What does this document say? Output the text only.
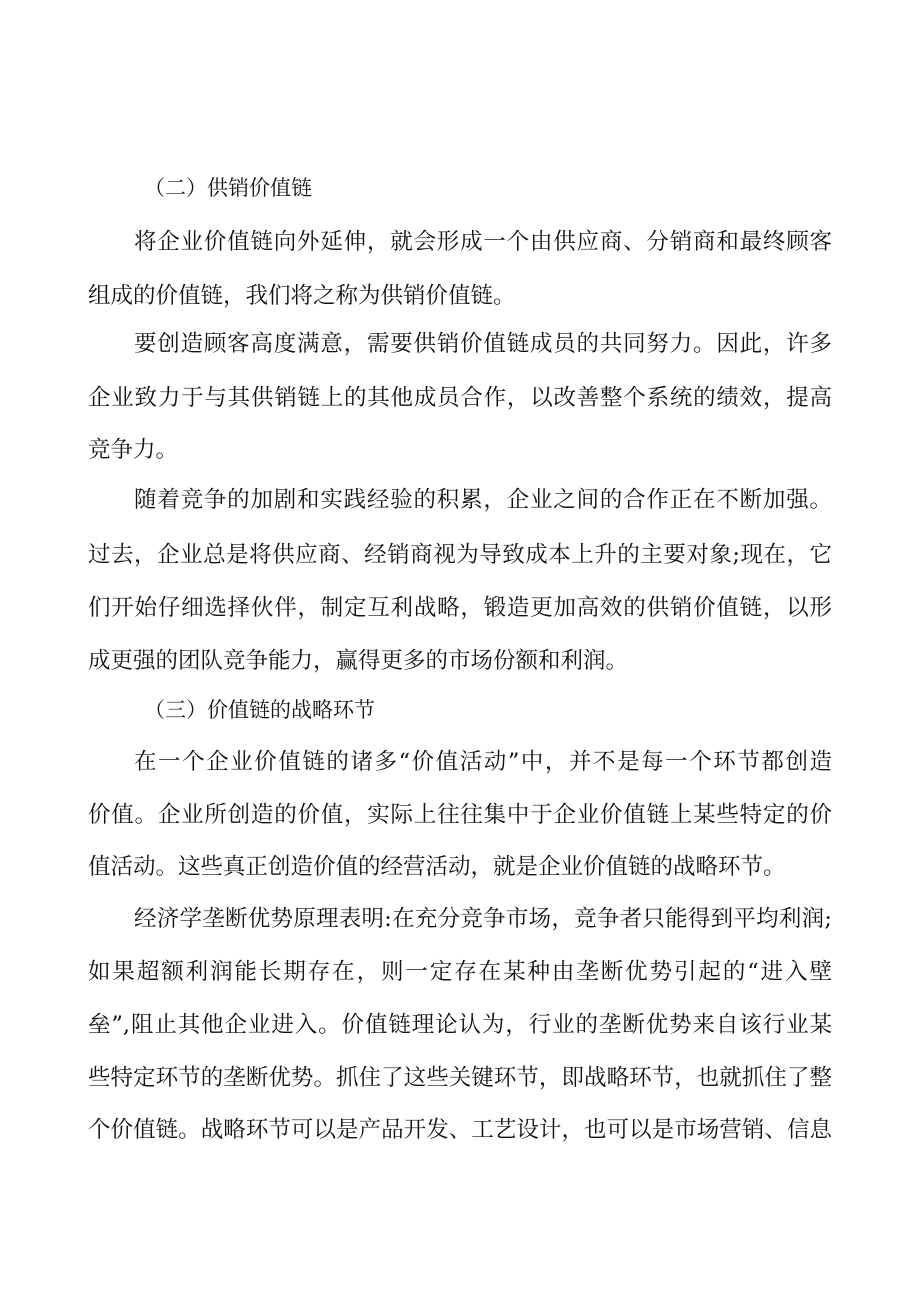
（二）供销价值链
将企业价值链向外延伸，就会形成一个由供应商、分销商和最终顾客
组成的价值链，我们将之称为供销价值链。
要创造顾客高度满意，需要供销价值链成员的共同努力。因此，许多
企业致力于与其供销链上的其他成员合作，以改善整个系统的绩效，提高
竞争力。
随着竞争的加剧和实践经验的积累，企业之间的合作正在不断加强。
过去，企业总是将供应商、经销商视为导致成本上升的主要对象;现在，它
们开始仔细选择伙伴，制定互利战略，锻造更加高效的供销价值链，以形
成更强的团队竞争能力，赢得更多的市场份额和利润。
（三）价值链的战略环节
在一个企业价值链的诸多“价值活动”中，并不是每一个环节都创造
价值。企业所创造的价值，实际上往往集中于企业价值链上某些特定的价
值活动。这些真正创造价值的经营活动，就是企业价值链的战略环节。
经济学垄断优势原理表明:在充分竞争市场，竞争者只能得到平均利润;
如果超额利润能长期存在，则一定存在某种由垄断优势引起的“进入壁
垒”,阻止其他企业进入。价值链理论认为，行业的垄断优势来自该行业某
些特定环节的垄断优势。抓住了这些关键环节，即战略环节，也就抓住了整
个价值链。战略环节可以是产品开发、工艺设计，也可以是市场营销、信息
